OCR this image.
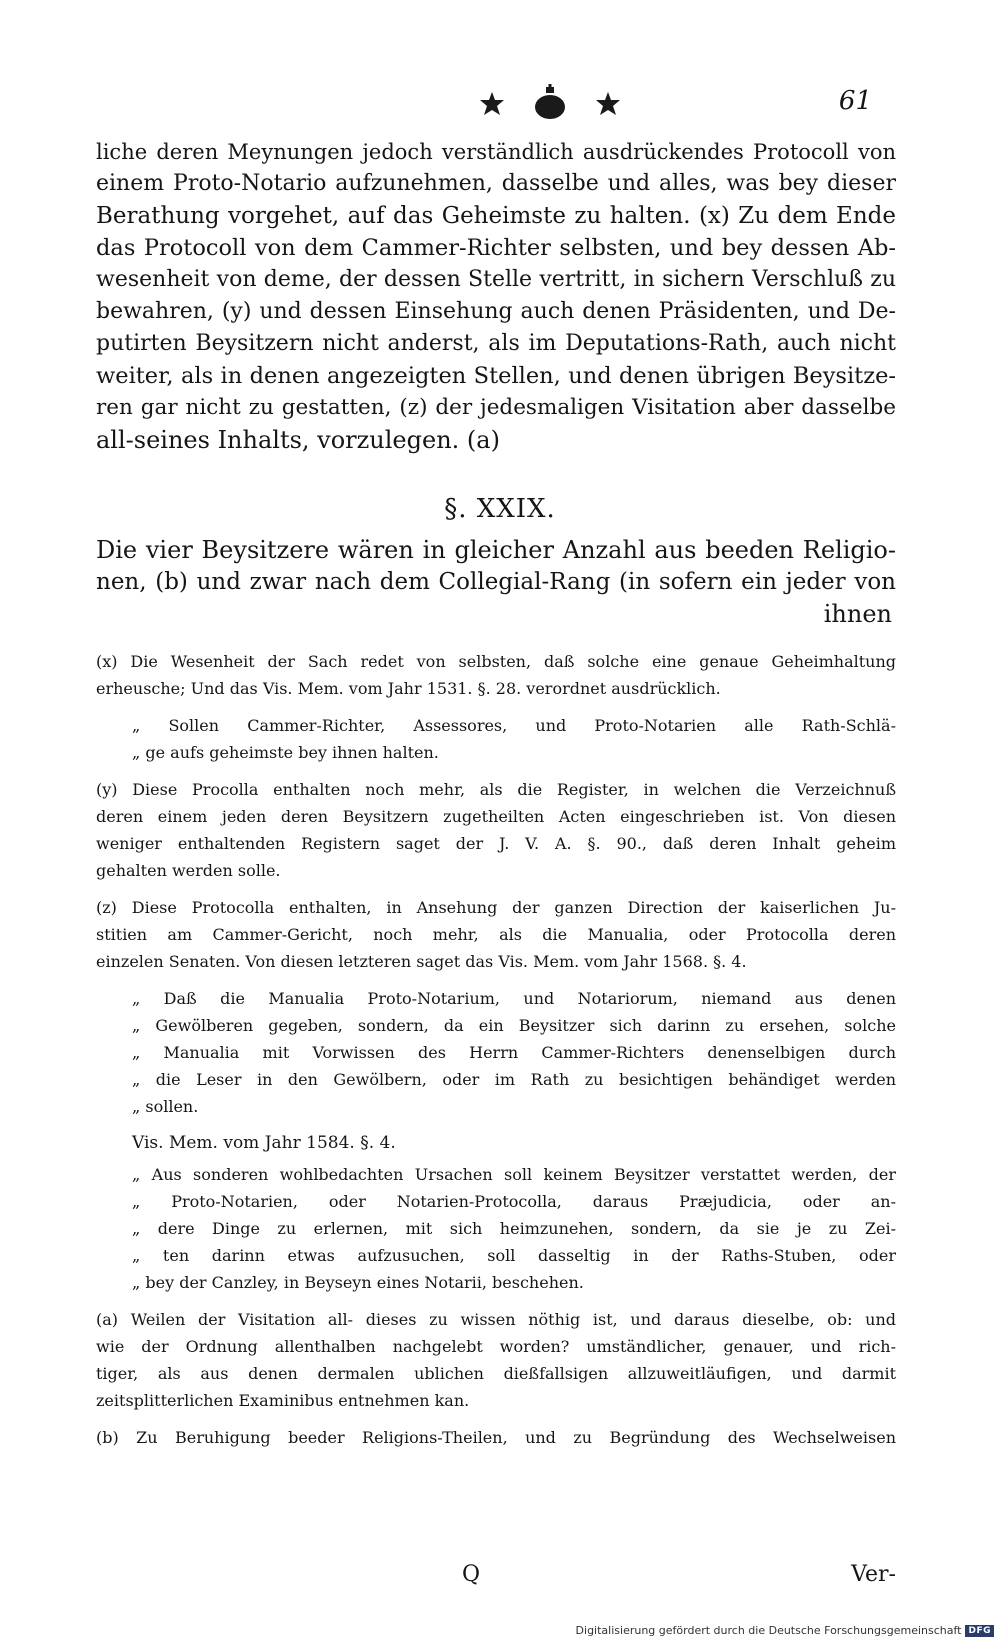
61
liche deren Meynungen jedoch verständlich ausdrückendes Protocoll von
einem Proto-Notario aufzunehmen, dasselbe und alles, was bey dieser
Berathung vorgehet, auf das Geheimste zu halten. (x) Zu dem Ende
das Protocoll von dem Cammer-Richter selbsten, und bey dessen Ab-
wesenheit von deme, der dessen Stelle vertritt, in sichern Verschluß zu
bewahren, (y) und dessen Einsehung auch denen Präsidenten, und De-
putirten Beysitzern nicht anderst, als im Deputations-Rath, auch nicht
weiter, als in denen angezeigten Stellen, und denen übrigen Beysitze-
ren gar nicht zu gestatten, (z) der jedesmaligen Visitation aber dasselbe
all-seines Inhalts, vorzulegen. (a)
§. XXIX.
Die vier Beysitzere wären in gleicher Anzahl aus beeden Religio-
nen, (b) und zwar nach dem Collegial-Rang (in sofern ein jeder von
ihnen
(x) Die Wesenheit der Sach redet von selbsten, daß solche eine genaue Geheimhaltung
erheusche; Und das Vis. Mem. vom Jahr 1531. §. 28. verordnet ausdrücklich.
„ Sollen Cammer-Richter, Assessores, und Proto-Notarien alle Rath-Schlä-
„ ge aufs geheimste bey ihnen halten.
(y) Diese Procolla enthalten noch mehr, als die Register, in welchen die Verzeichnuß
deren einem jeden deren Beysitzern zugetheilten Acten eingeschrieben ist. Von diesen
weniger enthaltenden Registern saget der J. V. A. §. 90., daß deren Inhalt geheim
gehalten werden solle.
(z) Diese Protocolla enthalten, in Ansehung der ganzen Direction der kaiserlichen Ju-
stitien am Cammer-Gericht, noch mehr, als die Manualia, oder Protocolla deren
einzelen Senaten. Von diesen letzteren saget das Vis. Mem. vom Jahr 1568. §. 4.
„ Daß die Manualia Proto-Notarium, und Notariorum, niemand aus denen
„ Gewölberen gegeben, sondern, da ein Beysitzer sich darinn zu ersehen, solche
„ Manualia mit Vorwissen des Herrn Cammer-Richters denenselbigen durch
„ die Leser in den Gewölbern, oder im Rath zu besichtigen behändiget werden
„ sollen.
Vis. Mem. vom Jahr 1584. §. 4.
„ Aus sonderen wohlbedachten Ursachen soll keinem Beysitzer verstattet werden, der
„ Proto-Notarien, oder Notarien-Protocolla, daraus Præjudicia, oder an-
„ dere Dinge zu erlernen, mit sich heimzunehen, sondern, da sie je zu Zei-
„ ten darinn etwas aufzusuchen, soll dasseltig in der Raths-Stuben, oder
„ bey der Canzley, in Beyseyn eines Notarii, beschehen.
(a) Weilen der Visitation all- dieses zu wissen nöthig ist, und daraus dieselbe, ob: und
wie der Ordnung allenthalben nachgelebt worden? umständlicher, genauer, und rich-
tiger, als aus denen dermalen ublichen dießfallsigen allzuweitläufigen, und darmit
zeitsplitterlichen Examinibus entnehmen kan.
(b) Zu Beruhigung beeder Religions-Theilen, und zu Begründung des Wechselweisen
Q	Ver-
Digitalisierung gefördert durch die Deutsche Forschungsgemeinschaft DFG
